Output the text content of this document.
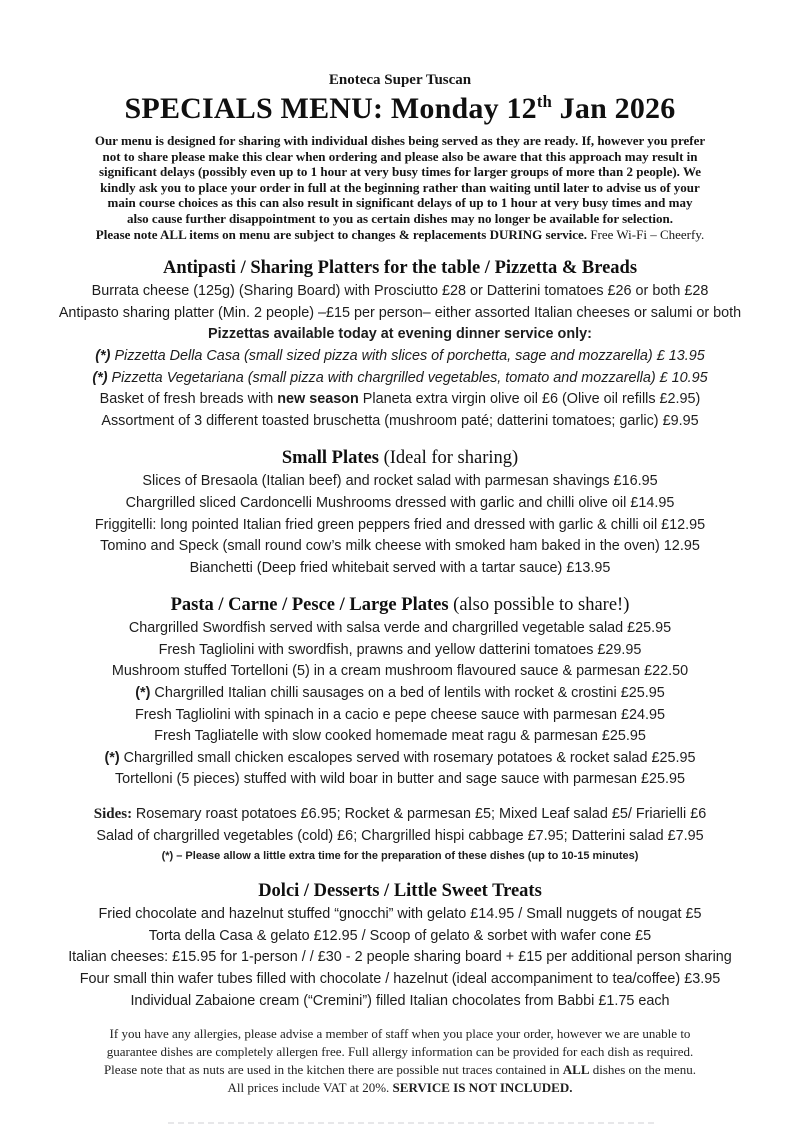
Enoteca Super Tuscan
SPECIALS MENU: Monday 12th Jan 2026
Our menu is designed for sharing with individual dishes being served as they are ready. If, however you prefer
not to share please make this clear when ordering and please also be aware that this approach may result in
significant delays (possibly even up to 1 hour at very busy times for larger groups of more than 2 people). We
kindly ask you to place your order in full at the beginning rather than waiting until later to advise us of your
main course choices as this can also result in significant delays of up to 1 hour at very busy times and may
also cause further disappointment to you as certain dishes may no longer be available for selection.
Please note ALL items on menu are subject to changes & replacements DURING service. Free Wi-Fi – Cheerfy.
Antipasti / Sharing Platters for the table / Pizzetta & Breads
Burrata cheese (125g) (Sharing Board) with Prosciutto £28 or Datterini tomatoes £26 or both £28
Antipasto sharing platter (Min. 2 people) –£15 per person– either assorted Italian cheeses or salumi or both
Pizzettas available today at evening dinner service only:
(*) Pizzetta Della Casa (small sized pizza with slices of porchetta, sage and mozzarella) £ 13.95
(*) Pizzetta Vegetariana (small pizza with chargrilled vegetables, tomato and mozzarella) £ 10.95
Basket of fresh breads with new season Planeta extra virgin olive oil £6 (Olive oil refills £2.95)
Assortment of 3 different toasted bruschetta (mushroom paté; datterini tomatoes; garlic) £9.95
Small Plates (Ideal for sharing)
Slices of Bresaola (Italian beef) and rocket salad with parmesan shavings £16.95
Chargrilled sliced Cardoncelli Mushrooms dressed with garlic and chilli olive oil £14.95
Friggitelli: long pointed Italian fried green peppers fried and dressed with garlic & chilli oil £12.95
Tomino and Speck (small round cow’s milk cheese with smoked ham baked in the oven) 12.95
Bianchetti (Deep fried whitebait served with a tartar sauce) £13.95
Pasta / Carne / Pesce / Large Plates (also possible to share!)
Chargrilled Swordfish served with salsa verde and chargrilled vegetable salad £25.95
Fresh Tagliolini with swordfish, prawns and yellow datterini tomatoes £29.95
Mushroom stuffed Tortelloni (5) in a cream mushroom flavoured sauce & parmesan £22.50
(*) Chargrilled Italian chilli sausages on a bed of lentils with rocket & crostini £25.95
Fresh Tagliolini with spinach in a cacio e pepe cheese sauce with parmesan £24.95
Fresh Tagliatelle with slow cooked homemade meat ragu & parmesan £25.95
(*) Chargrilled small chicken escalopes served with rosemary potatoes & rocket salad £25.95
Tortelloni (5 pieces) stuffed with wild boar in butter and sage sauce with parmesan £25.95
Sides: Rosemary roast potatoes £6.95; Rocket & parmesan £5; Mixed Leaf salad £5/ Friarielli £6
Salad of chargrilled vegetables (cold) £6; Chargrilled hispi cabbage £7.95; Datterini salad £7.95
(*) – Please allow a little extra time for the preparation of these dishes (up to 10-15 minutes)
Dolci / Desserts / Little Sweet Treats
Fried chocolate and hazelnut stuffed “gnocchi” with gelato £14.95 / Small nuggets of nougat £5
Torta della Casa & gelato £12.95 / Scoop of gelato & sorbet with wafer cone £5
Italian cheeses: £15.95 for 1-person / / £30 - 2 people sharing board + £15 per additional person sharing
Four small thin wafer tubes filled with chocolate / hazelnut (ideal accompaniment to tea/coffee) £3.95
Individual Zabaione cream (“Cremini”) filled Italian chocolates from Babbi £1.75 each
If you have any allergies, please advise a member of staff when you place your order, however we are unable to
guarantee dishes are completely allergen free. Full allergy information can be provided for each dish as required.
Please note that as nuts are used in the kitchen there are possible nut traces contained in ALL dishes on the menu.
All prices include VAT at 20%. SERVICE IS NOT INCLUDED.
